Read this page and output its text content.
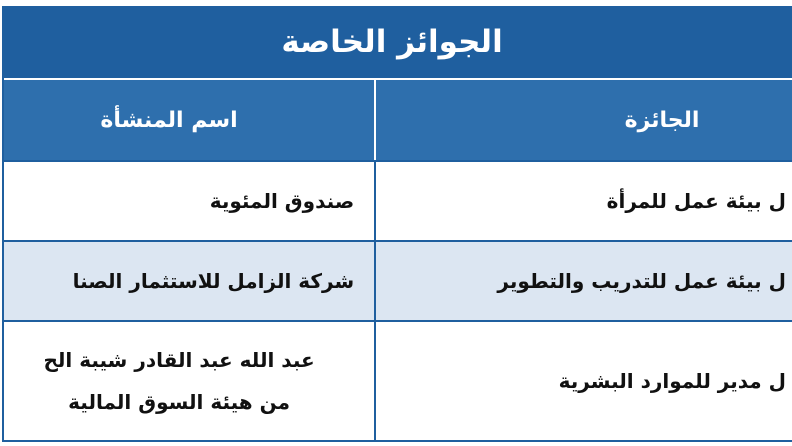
الجوائز الخاصة
الجائزة
اسم المنشأة
ل بيئة عمل للمرأة
صندوق المئوية
ل بيئة عمل للتدريب والتطوير
شركة الزامل للاستثمار الصنا
ل مدير للموارد البشرية
عبد الله عبد القادر شيبة الح
من هيئة السوق المالية
